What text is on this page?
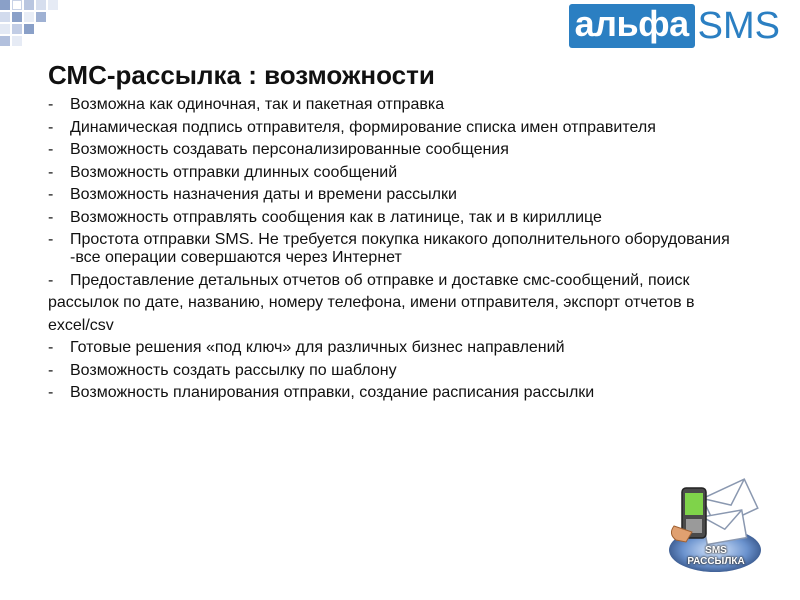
альфа SMS
СМС-рассылка : возможности
- Возможна как одиночная, так и пакетная отправка
- Динамическая подпись отправителя, формирование списка имен отправителя
- Возможность создавать персонализированные сообщения
- Возможность отправки длинных сообщений
- Возможность назначения даты и времени рассылки
- Возможность отправлять сообщения как в латинице, так и в кириллице
- Простота отправки SMS. Не требуется покупка никакого дополнительного оборудования -все операции совершаются через Интернет
- Предоставление детальных отчетов об отправке и доставке смс-сообщений, поиск
рассылок по дате, названию, номеру телефона, имени отправителя, экспорт отчетов в
excel/csv
- Готовые решения «под ключ» для различных бизнес направлений
- Возможность создать рассылку по шаблону
- Возможность планирования отправки, создание расписания рассылки
SMS
РАССЫЛКА
